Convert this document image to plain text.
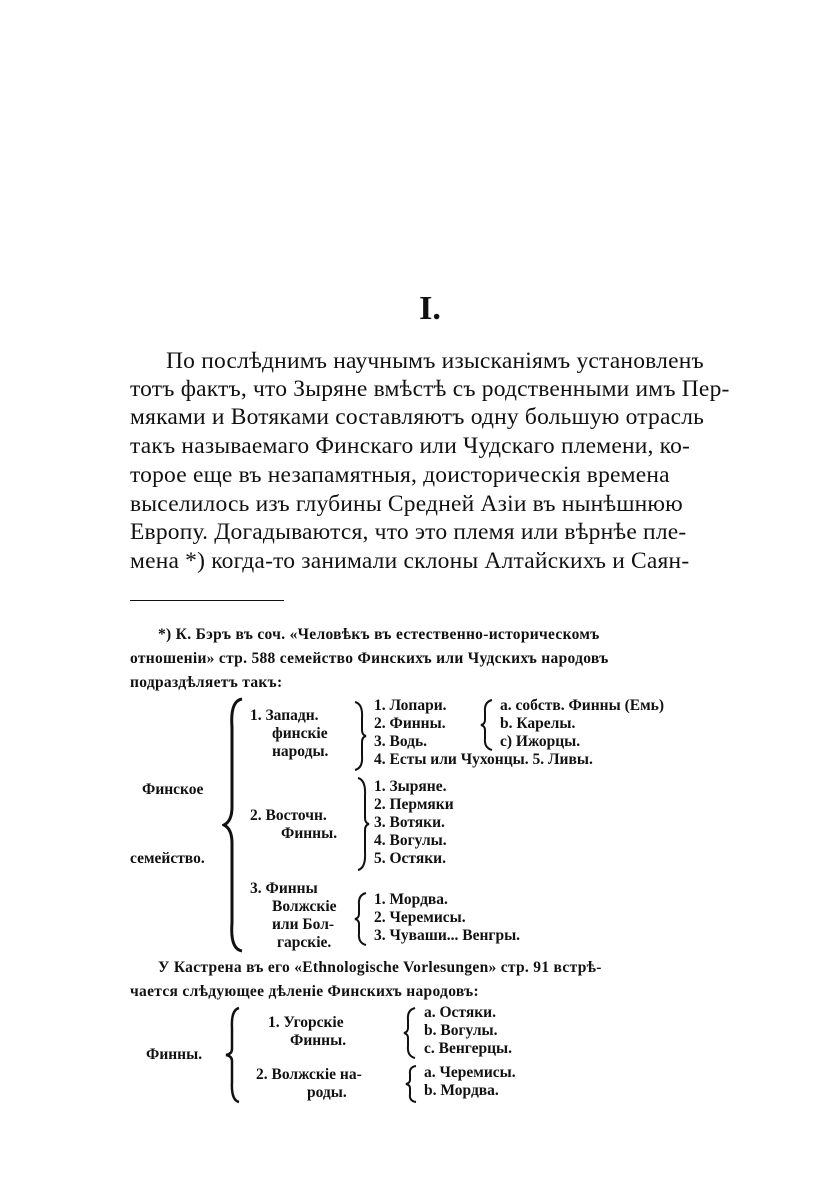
I.
По послѣднимъ научнымъ изысканіямъ установленъ
тотъ фактъ, что Зыряне вмѣстѣ съ родственными имъ Пер-
мяками и Вотяками составляютъ одну большую отрасль
такъ называемаго Финскаго или Чудскаго племени, ко-
торое еще въ незапамятныя, доисторическія времена
выселилось изъ глубины Средней Азіи въ нынѣшнюю
Европу. Догадываются, что это племя или вѣрнѣе пле-
мена *) когда-то занимали склоны Алтайскихъ и Саян-
*) К. Бэръ въ соч. «Человѣкъ въ естественно-историческомъ
отношеніи» стр. 588 семейство Финскихъ или Чудскихъ народовъ
подраздѣляетъ такъ:
Финское
семейство.
1. Западн.
финскіе
народы.
1. Лопари.
2. Финны.
3. Водь.
4. Есты или Чухонцы. 5. Ливы.
a. собств. Финны (Емь)
b. Карелы.
c) Ижорцы.
2. Восточн.
Финны.
1. Зыряне.
2. Пермяки
3. Вотяки.
4. Вогулы.
5. Остяки.
3. Финны
Волжскіе
или Бол-
гарскіе.
1. Мордва.
2. Черемисы.
3. Чуваши... Венгры.
У Кастрена въ его «Ethnologische Vorlesungen» стр. 91 встрѣ-
чается слѣдующее дѣленіе Финскихъ народовъ:
Финны.
1. Угорскіе
Финны.
a. Остяки.
b. Вогулы.
c. Венгерцы.
2. Волжскіе на-
роды.
a. Черемисы.
b. Мордва.
